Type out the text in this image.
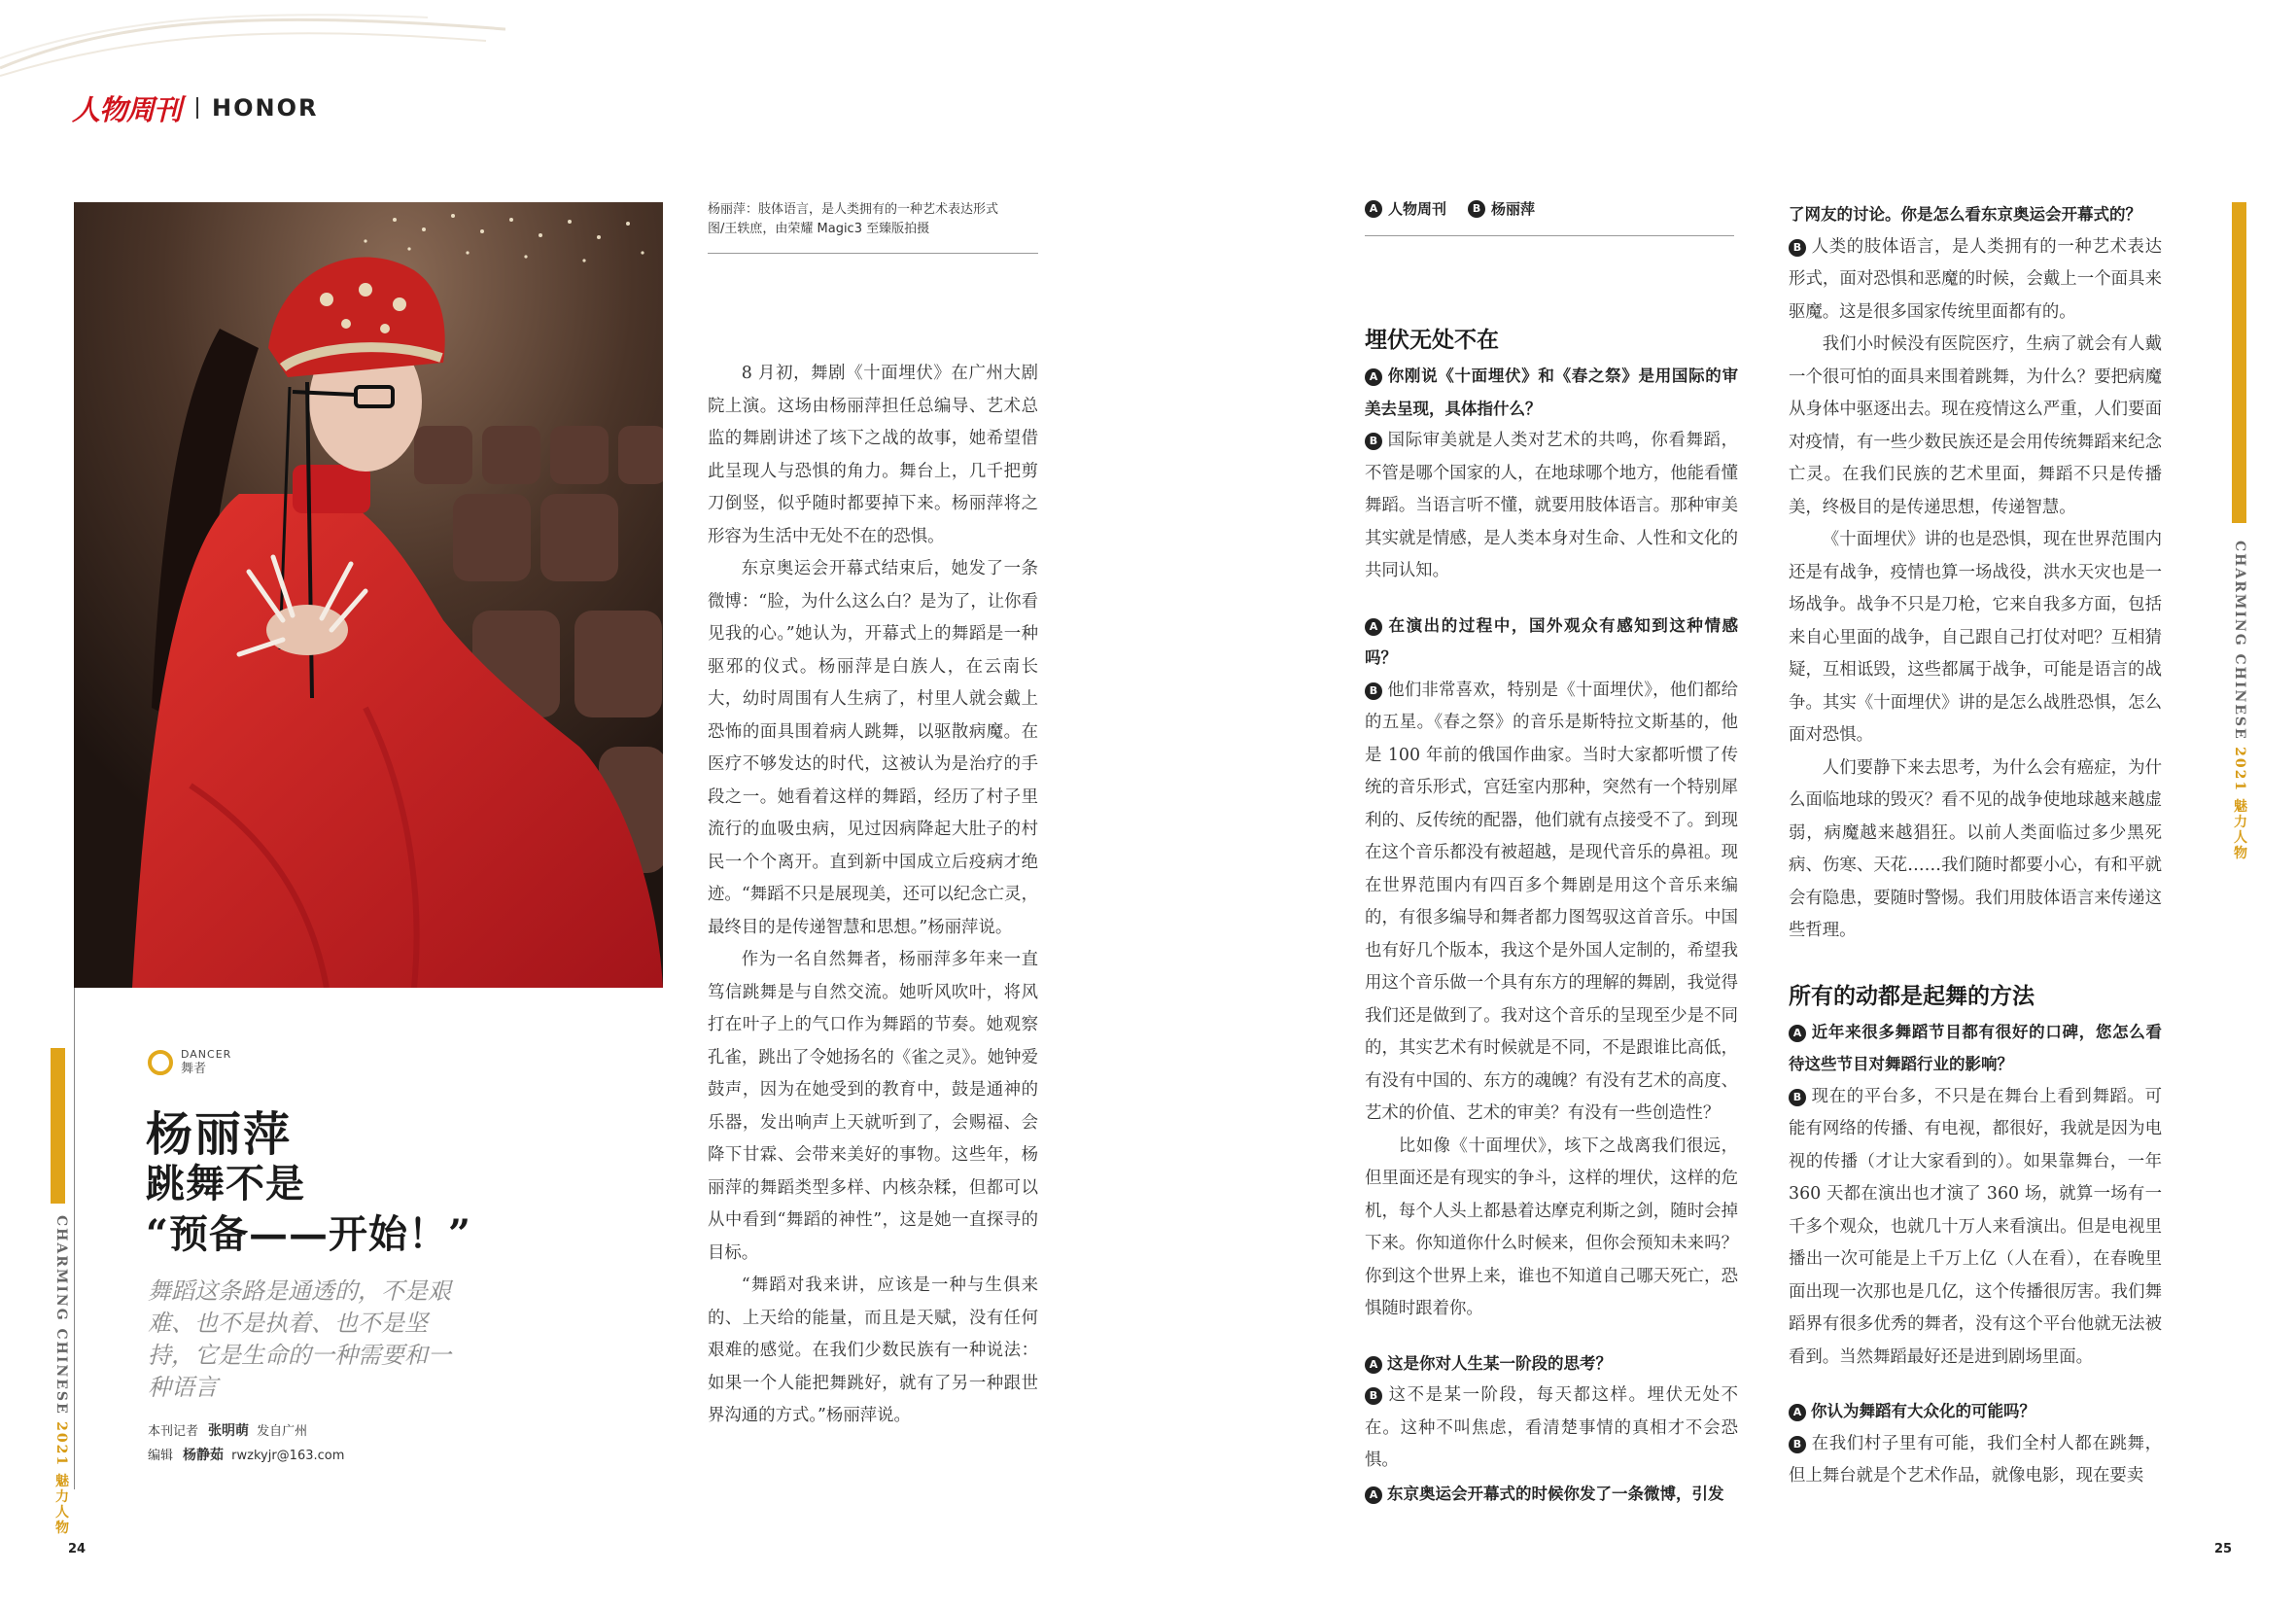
人物周刊 HONOR
CHARMING CHINESE 2021 魅力人物
DANCER
舞者
杨丽萍
跳舞不是
“预备——开始！”
舞蹈这条路是通透的，不是艰难、也不是执着、也不是坚持，它是生命的一种需要和一种语言
本刊记者 张明萌 发自广州
编辑 杨静茹 rwzkyjr@163.com
杨丽萍：肢体语言，是人类拥有的一种艺术表达形式
图/王轶庶，由荣耀 Magic3 至臻版拍摄

8 月初，舞剧《十面埋伏》在广州大剧院上演。这场由杨丽萍担任总编导、艺术总监的舞剧讲述了垓下之战的故事，她希望借此呈现人与恐惧的角力。舞台上，几千把剪刀倒竖，似乎随时都要掉下来。杨丽萍将之形容为生活中无处不在的恐惧。

东京奥运会开幕式结束后，她发了一条微博：“脸，为什么这么白？是为了，让你看见我的心。”她认为，开幕式上的舞蹈是一种驱邪的仪式。杨丽萍是白族人，在云南长大，幼时周围有人生病了，村里人就会戴上恐怖的面具围着病人跳舞，以驱散病魔。在医疗不够发达的时代，这被认为是治疗的手段之一。她看着这样的舞蹈，经历了村子里流行的血吸虫病，见过因病降起大肚子的村民一个个离开。直到新中国成立后疫病才绝迹。“舞蹈不只是展现美，还可以纪念亡灵，最终目的是传递智慧和思想。”杨丽萍说。

作为一名自然舞者，杨丽萍多年来一直笃信跳舞是与自然交流。她听风吹叶，将风打在叶子上的气口作为舞蹈的节奏。她观察孔雀，跳出了令她扬名的《雀之灵》。她钟爱鼓声，因为在她受到的教育中，鼓是通神的乐器，发出响声上天就听到了，会赐福、会降下甘霖、会带来美好的事物。这些年，杨丽萍的舞蹈类型多样、内核杂糅，但都可以从中看到“舞蹈的神性”，这是她一直探寻的目标。

“舞蹈对我来讲，应该是一种与生俱来的、上天给的能量，而且是天赋，没有任何艰难的感觉。在我们少数民族有一种说法：如果一个人能把舞跳好，就有了另一种跟世界沟通的方式。”杨丽萍说。

A 人物周刊	B 杨丽萍
埋伏无处不在

A 你刚说《十面埋伏》和《春之祭》是用国际的审美去呈现，具体指什么？

B 国际审美就是人类对艺术的共鸣，你看舞蹈，不管是哪个国家的人，在地球哪个地方，他能看懂舞蹈。当语言听不懂，就要用肢体语言。那种审美其实就是情感，是人类本身对生命、人性和文化的共同认知。

A 在演出的过程中，国外观众有感知到这种情感吗？

B 他们非常喜欢，特别是《十面埋伏》，他们都给的五星。《春之祭》的音乐是斯特拉文斯基的，他是 100 年前的俄国作曲家。当时大家都听惯了传统的音乐形式，宫廷室内那种，突然有一个特别犀利的、反传统的配器，他们就有点接受不了。到现在这个音乐都没有被超越，是现代音乐的鼻祖。现在世界范围内有四百多个舞剧是用这个音乐来编的，有很多编导和舞者都力图驾驭这首音乐。中国也有好几个版本，我这个是外国人定制的，希望我用这个音乐做一个具有东方的理解的舞剧，我觉得我们还是做到了。我对这个音乐的呈现至少是不同的，其实艺术有时候就是不同，不是跟谁比高低，有没有中国的、东方的魂魄？有没有艺术的高度、艺术的价值、艺术的审美？有没有一些创造性？

比如像《十面埋伏》，垓下之战离我们很远，但里面还是有现实的争斗，这样的埋伏，这样的危机，每个人头上都悬着达摩克利斯之剑，随时会掉下来。你知道你什么时候来，但你会预知未来吗？你到这个世界上来，谁也不知道自己哪天死亡，恐惧随时跟着你。

A 这是你对人生某一阶段的思考？

B 这不是某一阶段，每天都这样。埋伏无处不在。这种不叫焦虑，看清楚事情的真相才不会恐惧。

A 东京奥运会开幕式的时候你发了一条微博，引发

了网友的讨论。你是怎么看东京奥运会开幕式的？

B 人类的肢体语言，是人类拥有的一种艺术表达形式，面对恐惧和恶魔的时候，会戴上一个面具来驱魔。这是很多国家传统里面都有的。

我们小时候没有医院医疗，生病了就会有人戴一个很可怕的面具来围着跳舞，为什么？要把病魔从身体中驱逐出去。现在疫情这么严重，人们要面对疫情，有一些少数民族还是会用传统舞蹈来纪念亡灵。在我们民族的艺术里面，舞蹈不只是传播美，终极目的是传递思想，传递智慧。

《十面埋伏》讲的也是恐惧，现在世界范围内还是有战争，疫情也算一场战役，洪水天灾也是一场战争。战争不只是刀枪，它来自我多方面，包括来自心里面的战争，自己跟自己打仗对吧？互相猜疑，互相诋毁，这些都属于战争，可能是语言的战争。其实《十面埋伏》讲的是怎么战胜恐惧，怎么面对恐惧。

人们要静下来去思考，为什么会有癌症，为什么面临地球的毁灭？看不见的战争使地球越来越虚弱，病魔越来越猖狂。以前人类面临过多少黑死病、伤寒、天花……我们随时都要小心，有和平就会有隐患，要随时警惕。我们用肢体语言来传递这些哲理。

所有的动都是起舞的方法

A 近年来很多舞蹈节目都有很好的口碑，您怎么看待这些节目对舞蹈行业的影响？

B 现在的平台多，不只是在舞台上看到舞蹈。可能有网络的传播、有电视，都很好，我就是因为电视的传播（才让大家看到的）。如果靠舞台，一年 360 天都在演出也才演了 360 场，就算一场有一千多个观众，也就几十万人来看演出。但是电视里播出一次可能是上千万上亿（人在看），在春晚里面出现一次那也是几亿，这个传播很厉害。我们舞蹈界有很多优秀的舞者，没有这个平台他就无法被看到。当然舞蹈最好还是进到剧场里面。

A 你认为舞蹈有大众化的可能吗？

B 在我们村子里有可能，我们全村人都在跳舞，但上舞台就是个艺术作品，就像电影，现在要卖

CHARMING CHINESE 2021 魅力人物
24	25
